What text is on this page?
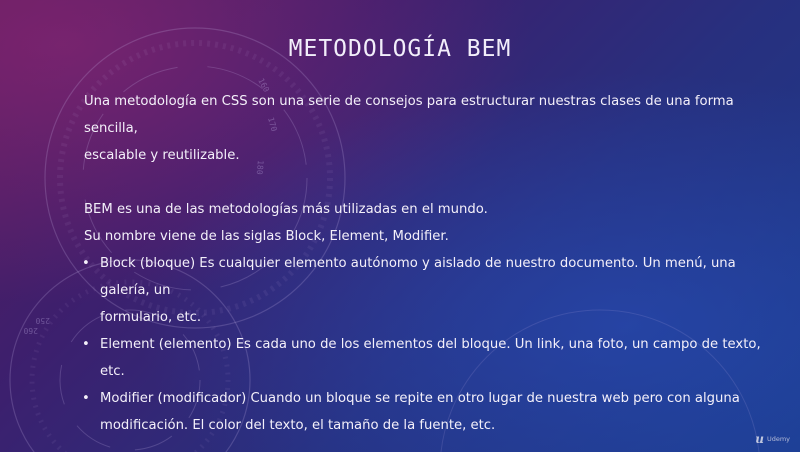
160
170
180
250
260
METODOLOGÍA BEM

Una metodología en CSS son una serie de consejos para estructurar nuestras clases de una forma sencilla,

escalable y reutilizable.

BEM es una de las metodologías más utilizadas en el mundo.

Su nombre viene de las siglas Block, Element, Modifier.

• Block (bloque) Es cualquier elemento autónomo y aislado de nuestro documento. Un menú, una galería, un
formulario, etc.
• Element (elemento) Es cada uno de los elementos del bloque. Un link, una foto, un campo de texto, etc.
• Modifier (modificador) Cuando un bloque se repite en otro lugar de nuestra web pero con alguna
modificación. El color del texto, el tamaño de la fuente, etc.
u Udemy
